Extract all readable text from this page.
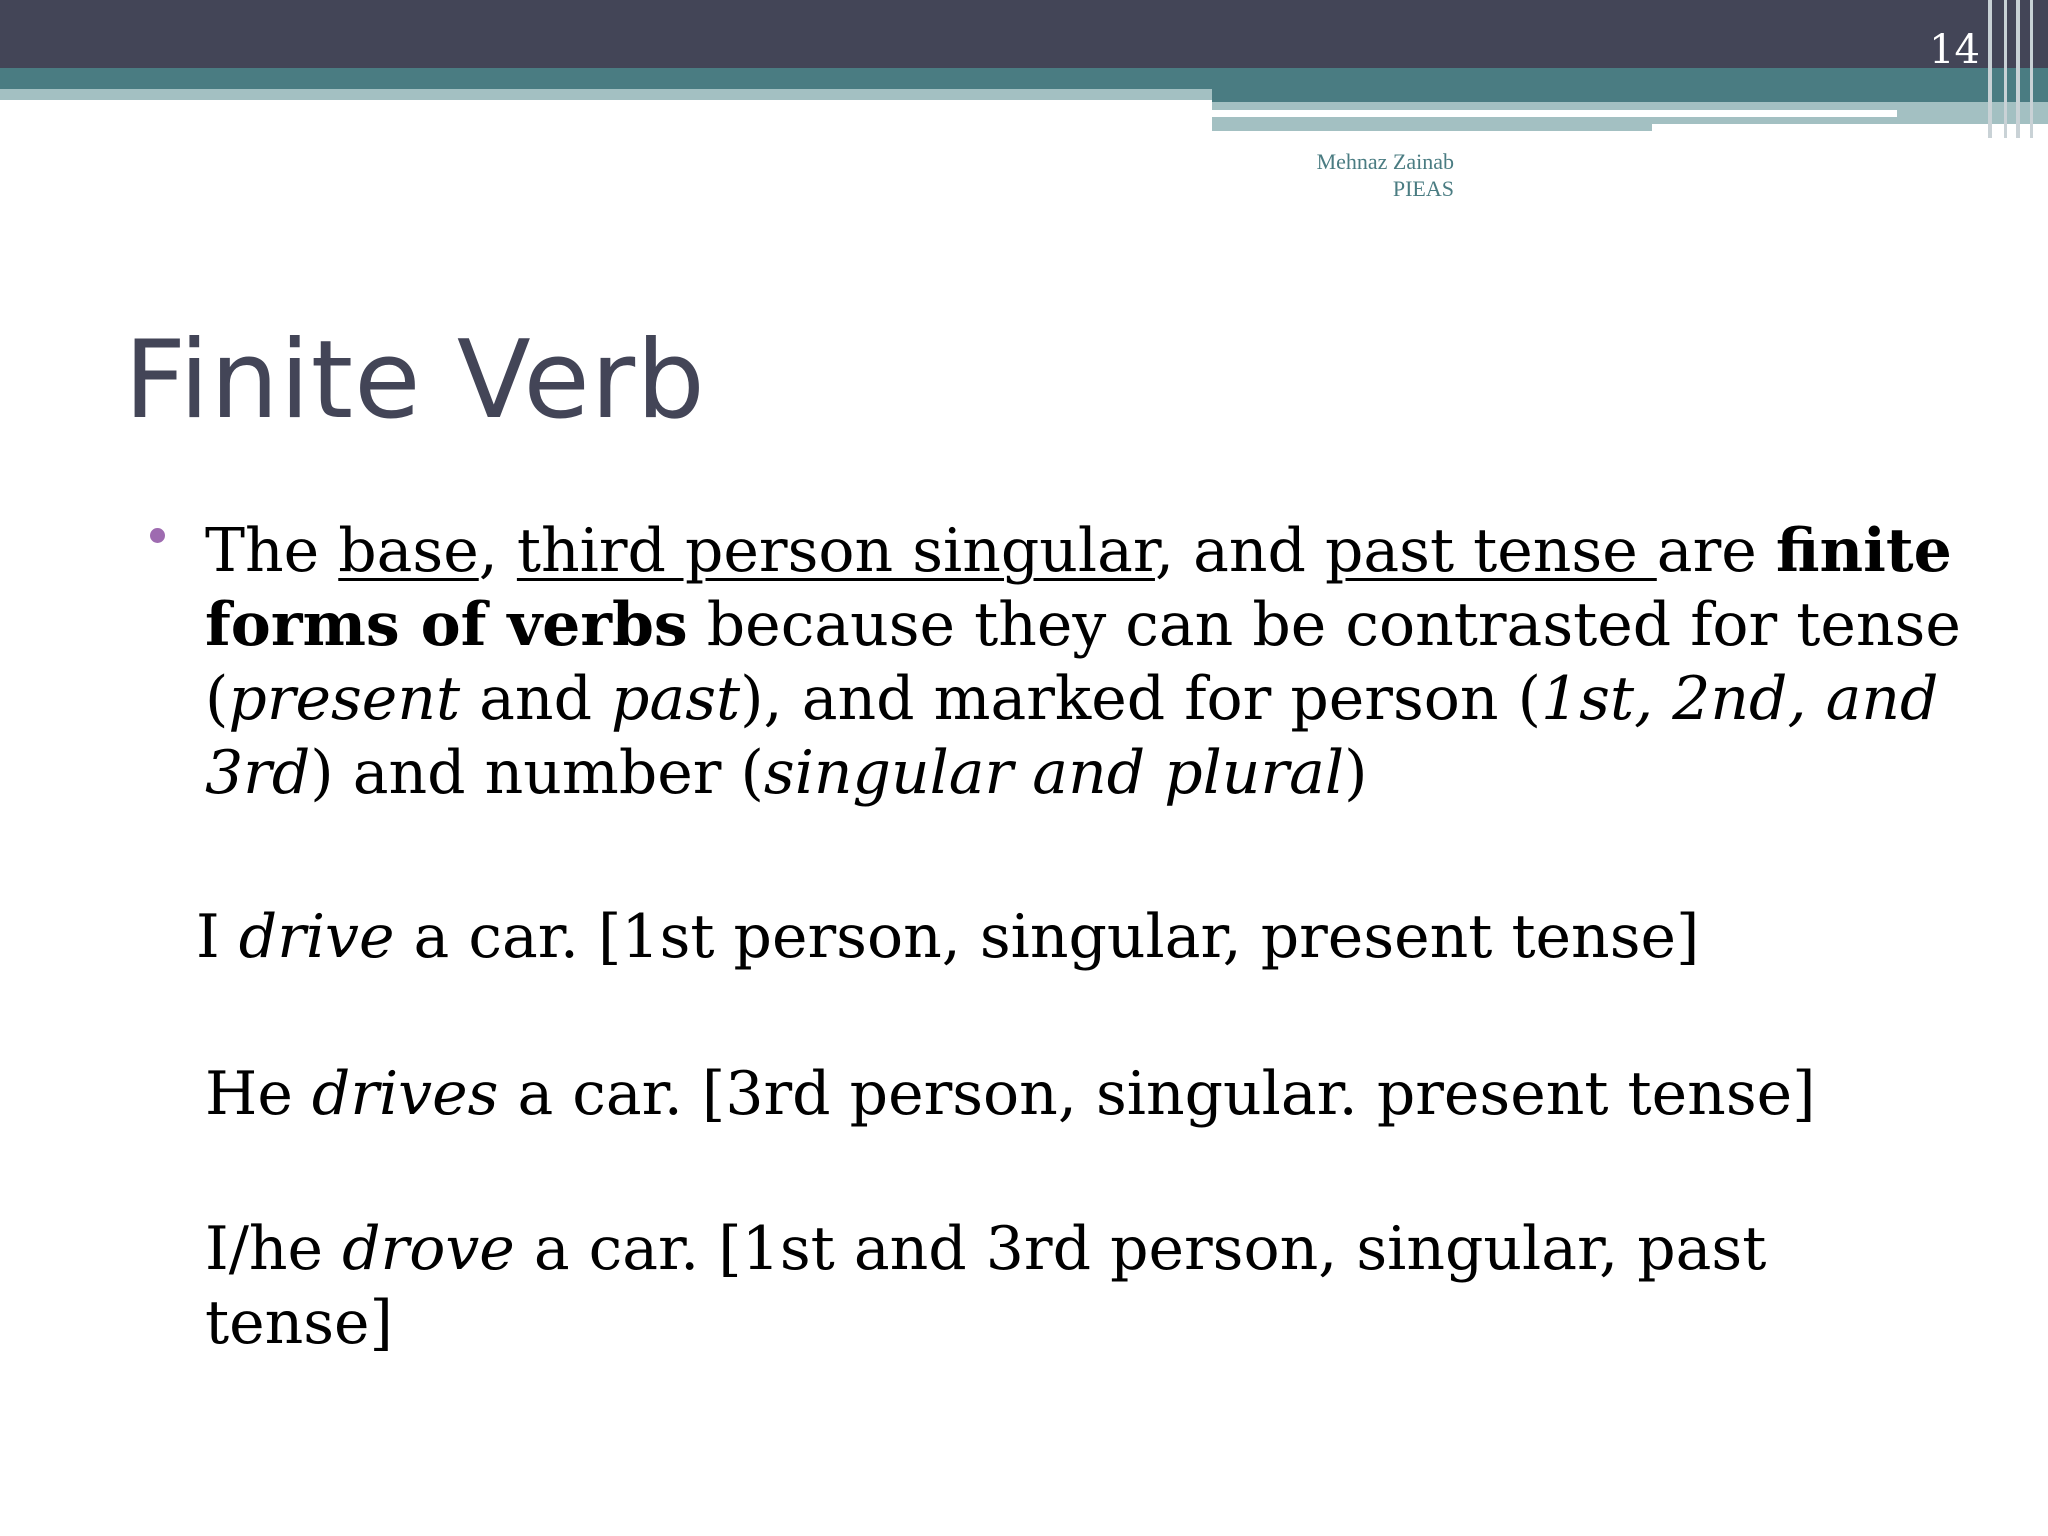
14
Mehnaz Zainab
PIEAS
Finite Verb

The base, third person singular, and past tense are finite forms of verbs because they can be contrasted for tense (present and past), and marked for person (1st, 2nd, and 3rd) and number (singular and plural)

I drive a car. [1st person, singular, present tense]

He drives a car. [3rd person, singular. present tense]

I/he drove a car. [1st and 3rd person, singular, past
tense]
